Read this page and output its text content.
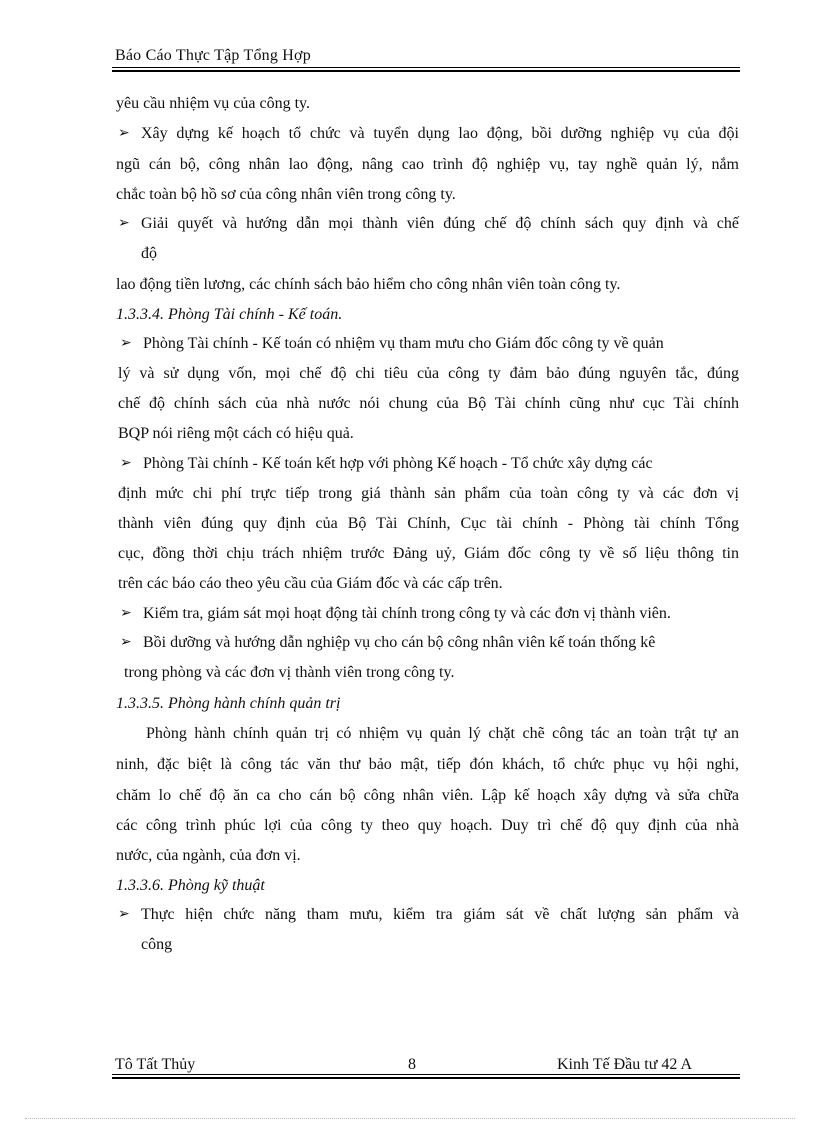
Báo Cáo Thực Tập Tổng Hợp
yêu cầu nhiệm vụ của công ty.
➢ Xây dựng kế hoạch tổ chức và tuyển dụng lao động, bồi dưỡng nghiệp vụ của đội
ngũ cán bộ, công nhân lao động, nâng cao trình độ nghiệp vụ, tay nghề quản lý, nắm
chắc toàn bộ hồ sơ của công nhân viên trong công ty.
➢ Giải quyết và hướng dẫn mọi thành viên đúng chế độ chính sách quy định và chế
độ
lao động tiền lương, các chính sách bảo hiểm cho công nhân viên toàn công ty.
1.3.3.4. Phòng Tài chính - Kế toán.
➢ Phòng Tài chính - Kế toán có nhiệm vụ tham mưu cho Giám đốc công ty về quản
lý và sử dụng vốn, mọi chế độ chi tiêu của công ty đảm bảo đúng nguyên tắc, đúng
chế độ chính sách của nhà nước nói chung của Bộ Tài chính cũng như cục Tài chính
BQP nói riêng một cách có hiệu quả.
➢ Phòng Tài chính - Kế toán kết hợp với phòng Kế hoạch - Tổ chức xây dựng các
định mức chi phí trực tiếp trong giá thành sản phẩm của toàn công ty và các đơn vị
thành viên đúng quy định của Bộ Tài Chính, Cục tài chính - Phòng tài chính Tổng
cục, đồng thời chịu trách nhiệm trước Đảng uỷ, Giám đốc công ty về số liệu thông tin
trên các báo cáo theo yêu cầu của Giám đốc và các cấp trên.
➢ Kiểm tra, giám sát mọi hoạt động tài chính trong công ty và các đơn vị thành viên.
➢ Bồi dưỡng và hướng dẫn nghiệp vụ cho cán bộ công nhân viên kế toán thống kê
trong phòng và các đơn vị thành viên trong công ty.
1.3.3.5. Phòng hành chính quản trị
Phòng hành chính quản trị có nhiệm vụ quản lý chặt chẽ công tác an toàn trật tự an
ninh, đặc biệt là công tác văn thư bảo mật, tiếp đón khách, tổ chức phục vụ hội nghi,
chăm lo chế độ ăn ca cho cán bộ công nhân viên. Lập kế hoạch xây dựng và sửa chữa
các công trình phúc lợi của công ty theo quy hoạch. Duy trì chế độ quy định của nhà
nước, của ngành, của đơn vị.
1.3.3.6. Phòng kỹ thuật
➢ Thực hiện chức năng tham mưu, kiểm tra giám sát về chất lượng sản phẩm và
công
Tô Tất Thủy	8	Kinh Tế Đầu tư 42 A
